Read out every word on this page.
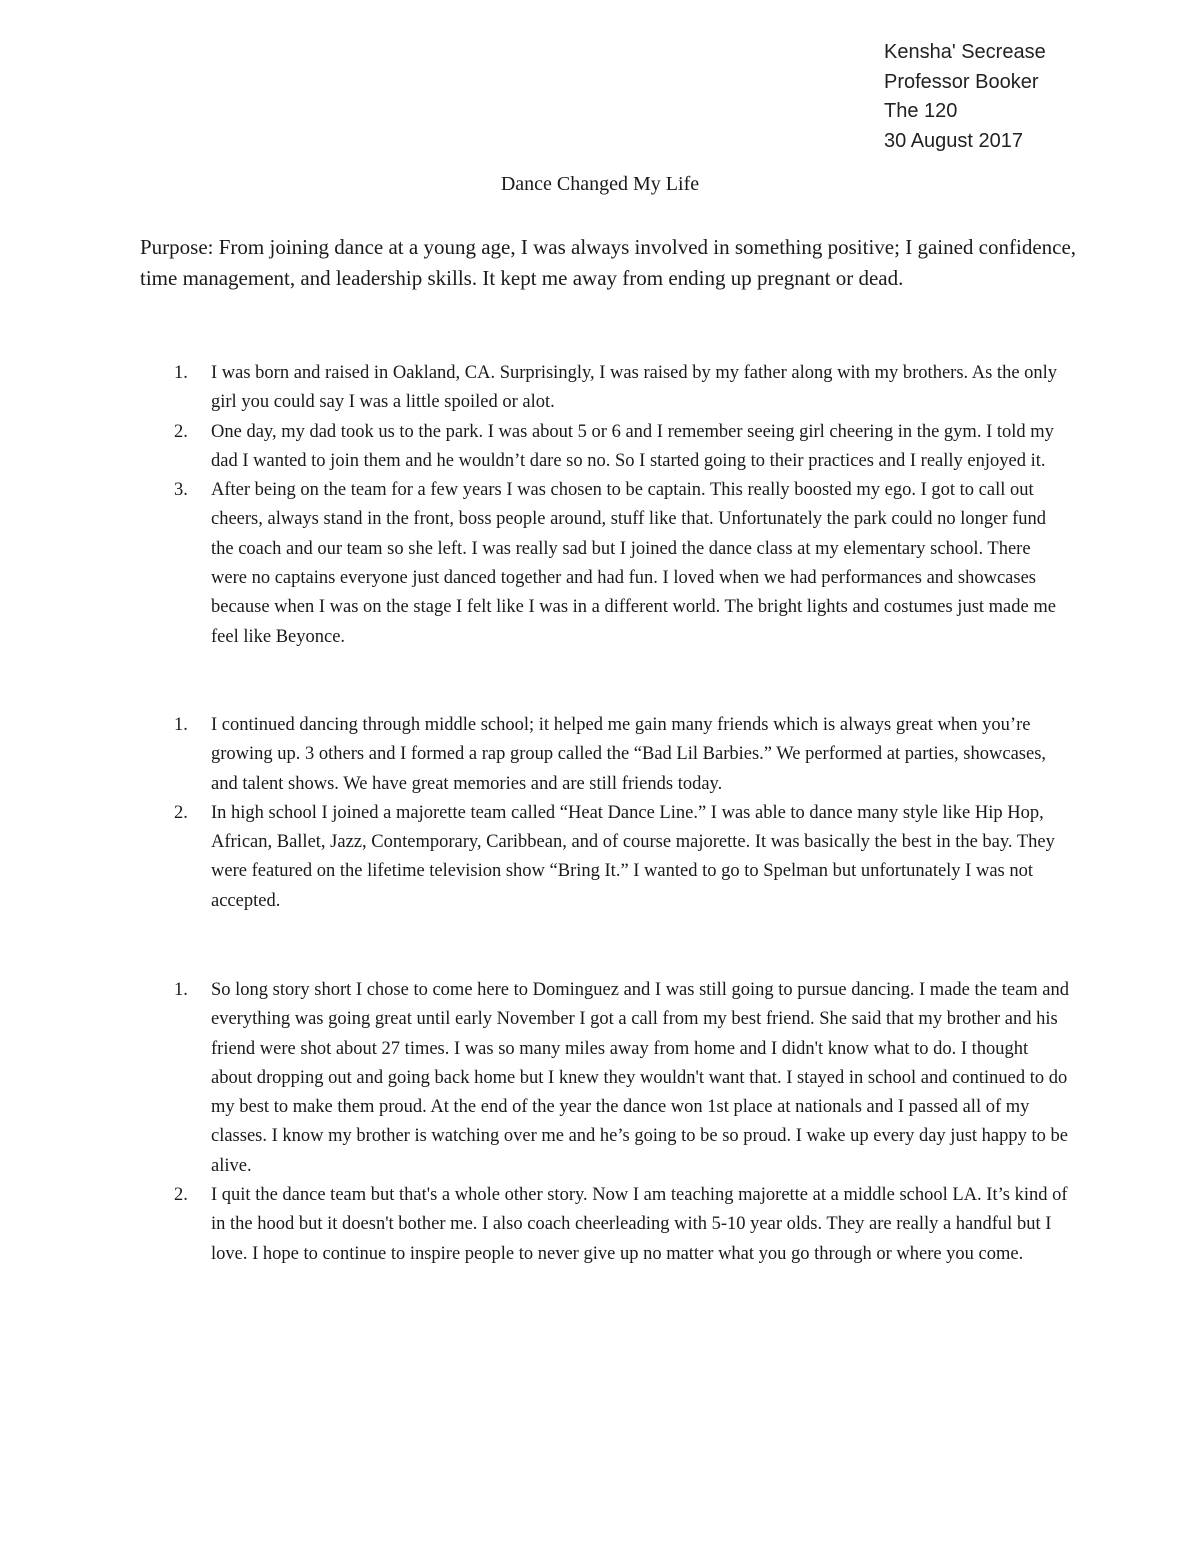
Kensha' Secrease
Professor Booker
The 120
30 August 2017
Dance Changed My Life
Purpose: From joining dance at a young age, I was always involved in something positive; I gained confidence, time management, and leadership skills. It kept me away from ending up pregnant or dead.
1. I was born and raised in Oakland, CA. Surprisingly, I was raised by my father along with my brothers. As the only girl you could say I was a little spoiled or alot.
2. One day, my dad took us to the park. I was about 5 or 6 and I remember seeing girl cheering in the gym. I told my dad I wanted to join them and he wouldn’t dare so no. So I started going to their practices and I really enjoyed it.
3. After being on the team for a few years I was chosen to be captain. This really boosted my ego. I got to call out cheers, always stand in the front, boss people around, stuff like that. Unfortunately the park could no longer fund the coach and our team so she left. I was really sad but I joined the dance class at my elementary school. There were no captains everyone just danced together and had fun. I loved when we had performances and showcases because when I was on the stage I felt like I was in a different world. The bright lights and costumes just made me feel like Beyonce.
1. I continued dancing through middle school; it helped me gain many friends which is always great when you’re growing up. 3 others and I formed a rap group called the “Bad Lil Barbies.” We performed at parties, showcases, and talent shows. We have great memories and are still friends today.
2. In high school I joined a majorette team called “Heat Dance Line.” I was able to dance many style like Hip Hop, African, Ballet, Jazz, Contemporary, Caribbean, and of course majorette. It was basically the best in the bay. They were featured on the lifetime television show “Bring It.” I wanted to go to Spelman but unfortunately I was not accepted.
1. So long story short I chose to come here to Dominguez and I was still going to pursue dancing. I made the team and everything was going great until early November I got a call from my best friend. She said that my brother and his friend were shot about 27 times. I was so many miles away from home and I didn't know what to do. I thought about dropping out and going back home but I knew they wouldn't want that. I stayed in school and continued to do my best to make them proud. At the end of the year the dance won 1st place at nationals and I passed all of my classes. I know my brother is watching over me and he’s going to be so proud. I wake up every day just happy to be alive.
2. I quit the dance team but that's a whole other story. Now I am teaching majorette at a middle school LA. It’s kind of in the hood but it doesn't bother me. I also coach cheerleading with 5-10 year olds. They are really a handful but I love. I hope to continue to inspire people to never give up no matter what you go through or where you come.
